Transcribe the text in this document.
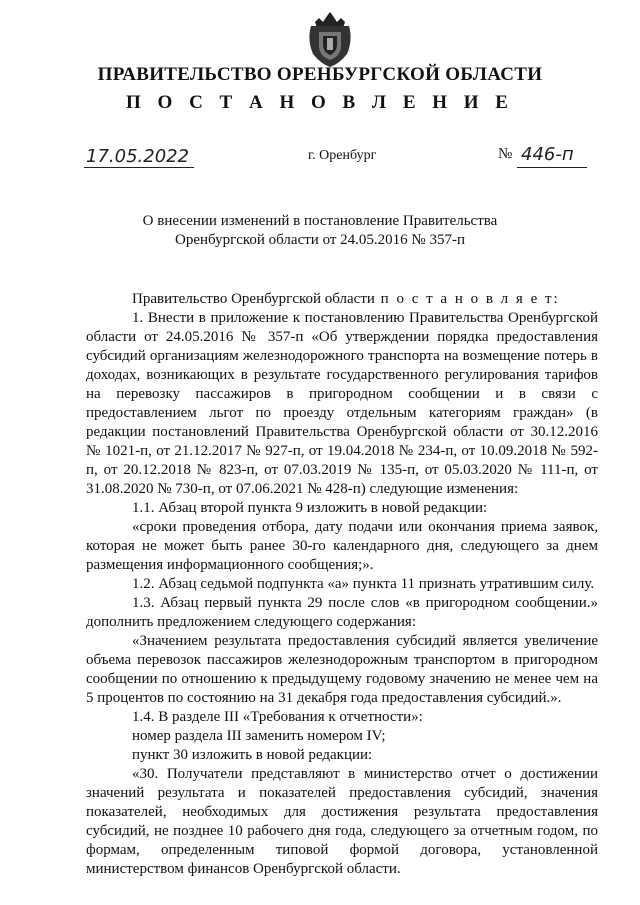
ПРАВИТЕЛЬСТВО ОРЕНБУРГСКОЙ ОБЛАСТИ
П О С Т А Н О В Л Е Н И Е
17.05.2022	г. Оренбург	№ 446-п
О внесении изменений в постановление Правительства Оренбургской области от 24.05.2016 № 357-п

Правительство Оренбургской области п о с т а н о в л я е т:

1. Внести в приложение к постановлению Правительства Оренбургской области от 24.05.2016 № 357-п «Об утверждении порядка предоставления субсидий организациям железнодорожного транспорта на возмещение потерь в доходах, возникающих в результате государственного регулирования тарифов на перевозку пассажиров в пригородном сообщении и в связи с предоставлением льгот по проезду отдельным категориям граждан» (в редакции постановлений Правительства Оренбургской области от 30.12.2016 № 1021-п, от 21.12.2017 № 927-п, от 19.04.2018 № 234-п, от 10.09.2018 № 592-п, от 20.12.2018 № 823-п, от 07.03.2019 № 135-п, от 05.03.2020 № 111-п, от 31.08.2020 № 730-п, от 07.06.2021 № 428-п) следующие изменения:

1.1. Абзац второй пункта 9 изложить в новой редакции:

«сроки проведения отбора, дату подачи или окончания приема заявок, которая не может быть ранее 30-го календарного дня, следующего за днем размещения информационного сообщения;».

1.2. Абзац седьмой подпункта «а» пункта 11 признать утратившим силу.

1.3. Абзац первый пункта 29 после слов «в пригородном сообщении.» дополнить предложением следующего содержания:

«Значением результата предоставления субсидий является увеличение объема перевозок пассажиров железнодорожным транспортом в пригородном сообщении по отношению к предыдущему годовому значению не менее чем на 5 процентов по состоянию на 31 декабря года предоставления субсидий.».

1.4. В разделе III «Требования к отчетности»:

номер раздела III заменить номером IV;

пункт 30 изложить в новой редакции:

«30. Получатели представляют в министерство отчет о достижении значений результата и показателей предоставления субсидий, значения показателей, необходимых для достижения результата предоставления субсидий, не позднее 10 рабочего дня года, следующего за отчетным годом, по формам, определенным типовой формой договора, установленной министерством финансов Оренбургской области.
